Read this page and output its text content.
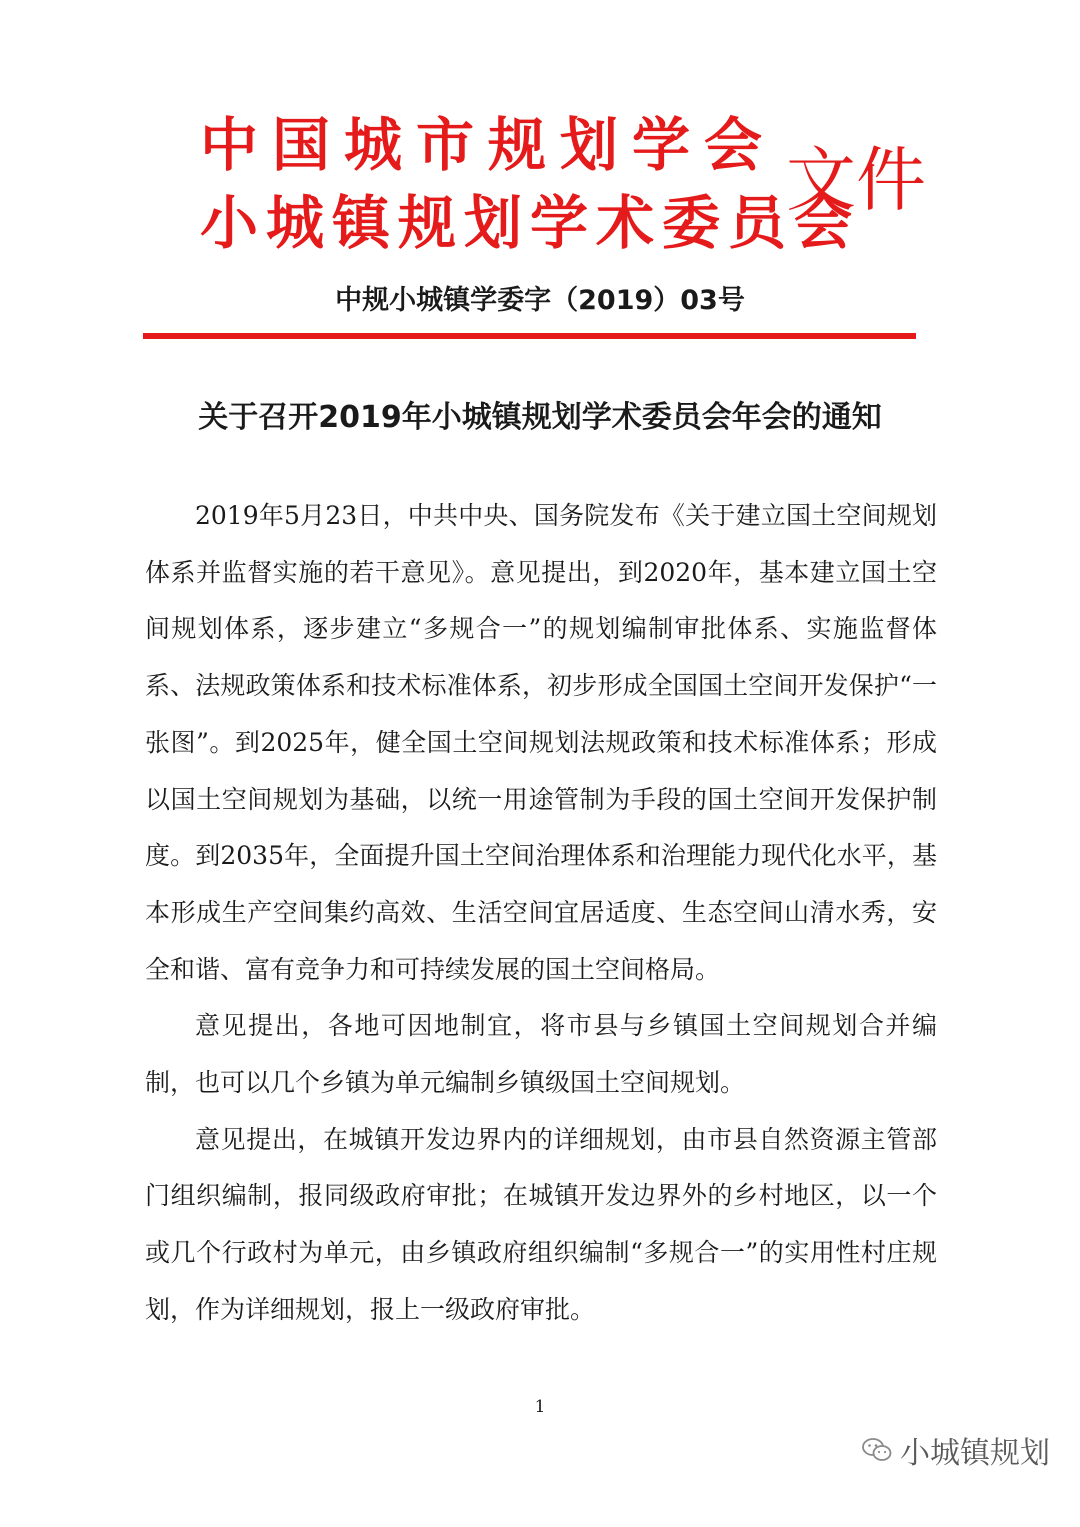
中国城市规划学会
小城镇规划学术委员会
文件
中规小城镇学委字（2019）03号
关于召开2019年小城镇规划学术委员会年会的通知

2019年5月23日，中共中央、国务院发布《关于建立国土空间规划体系并监督实施的若干意见》。意见提出，到2020年，基本建立国土空间规划体系，逐步建立“多规合一”的规划编制审批体系、实施监督体系、法规政策体系和技术标准体系，初步形成全国国土空间开发保护“一张图”。到2025年，健全国土空间规划法规政策和技术标准体系；形成以国土空间规划为基础，以统一用途管制为手段的国土空间开发保护制度。到2035年，全面提升国土空间治理体系和治理能力现代化水平，基本形成生产空间集约高效、生活空间宜居适度、生态空间山清水秀，安全和谐、富有竞争力和可持续发展的国土空间格局。

意见提出，各地可因地制宜，将市县与乡镇国土空间规划合并编制，也可以几个乡镇为单元编制乡镇级国土空间规划。

意见提出，在城镇开发边界内的详细规划，由市县自然资源主管部门组织编制，报同级政府审批；在城镇开发边界外的乡村地区，以一个或几个行政村为单元，由乡镇政府组织编制“多规合一”的实用性村庄规划，作为详细规划，报上一级政府审批。

1
小城镇规划
